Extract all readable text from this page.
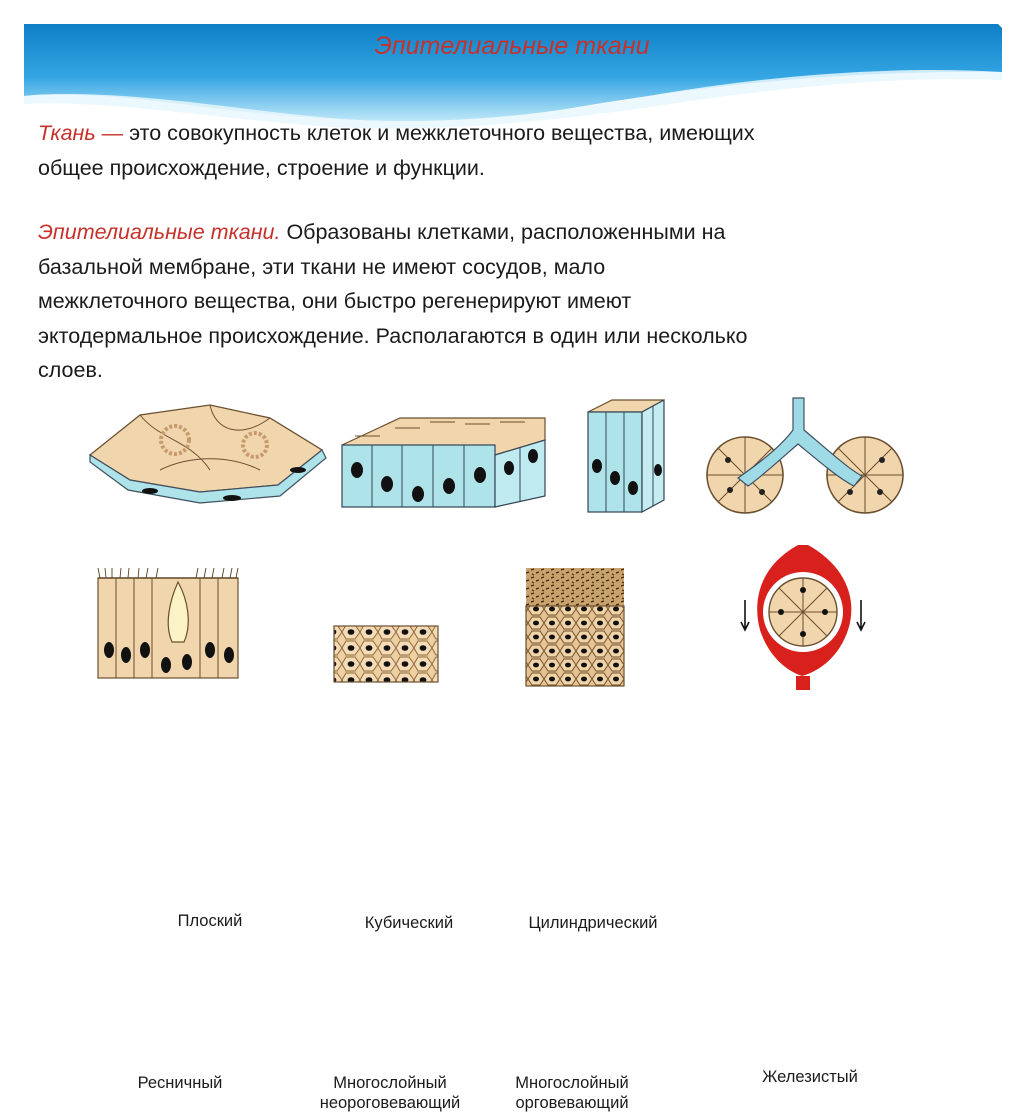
Эпителиальные ткани

Ткань — это совокупность клеток и межклеточного вещества, имеющих
общее происхождение, строение и функции.

Эпителиальные ткани. Образованы клетками, расположенными на
базальной мембране, эти ткани не имеют сосудов, мало
межклеточного вещества, они быстро регенерируют имеют
эктодермальное происхождение. Располагаются в один или несколько
слоев.

Плоский	Кубический	Цилиндрический
Ресничный	Многослойный
неороговевающий
Многослойный
орговевающий
Железистый
